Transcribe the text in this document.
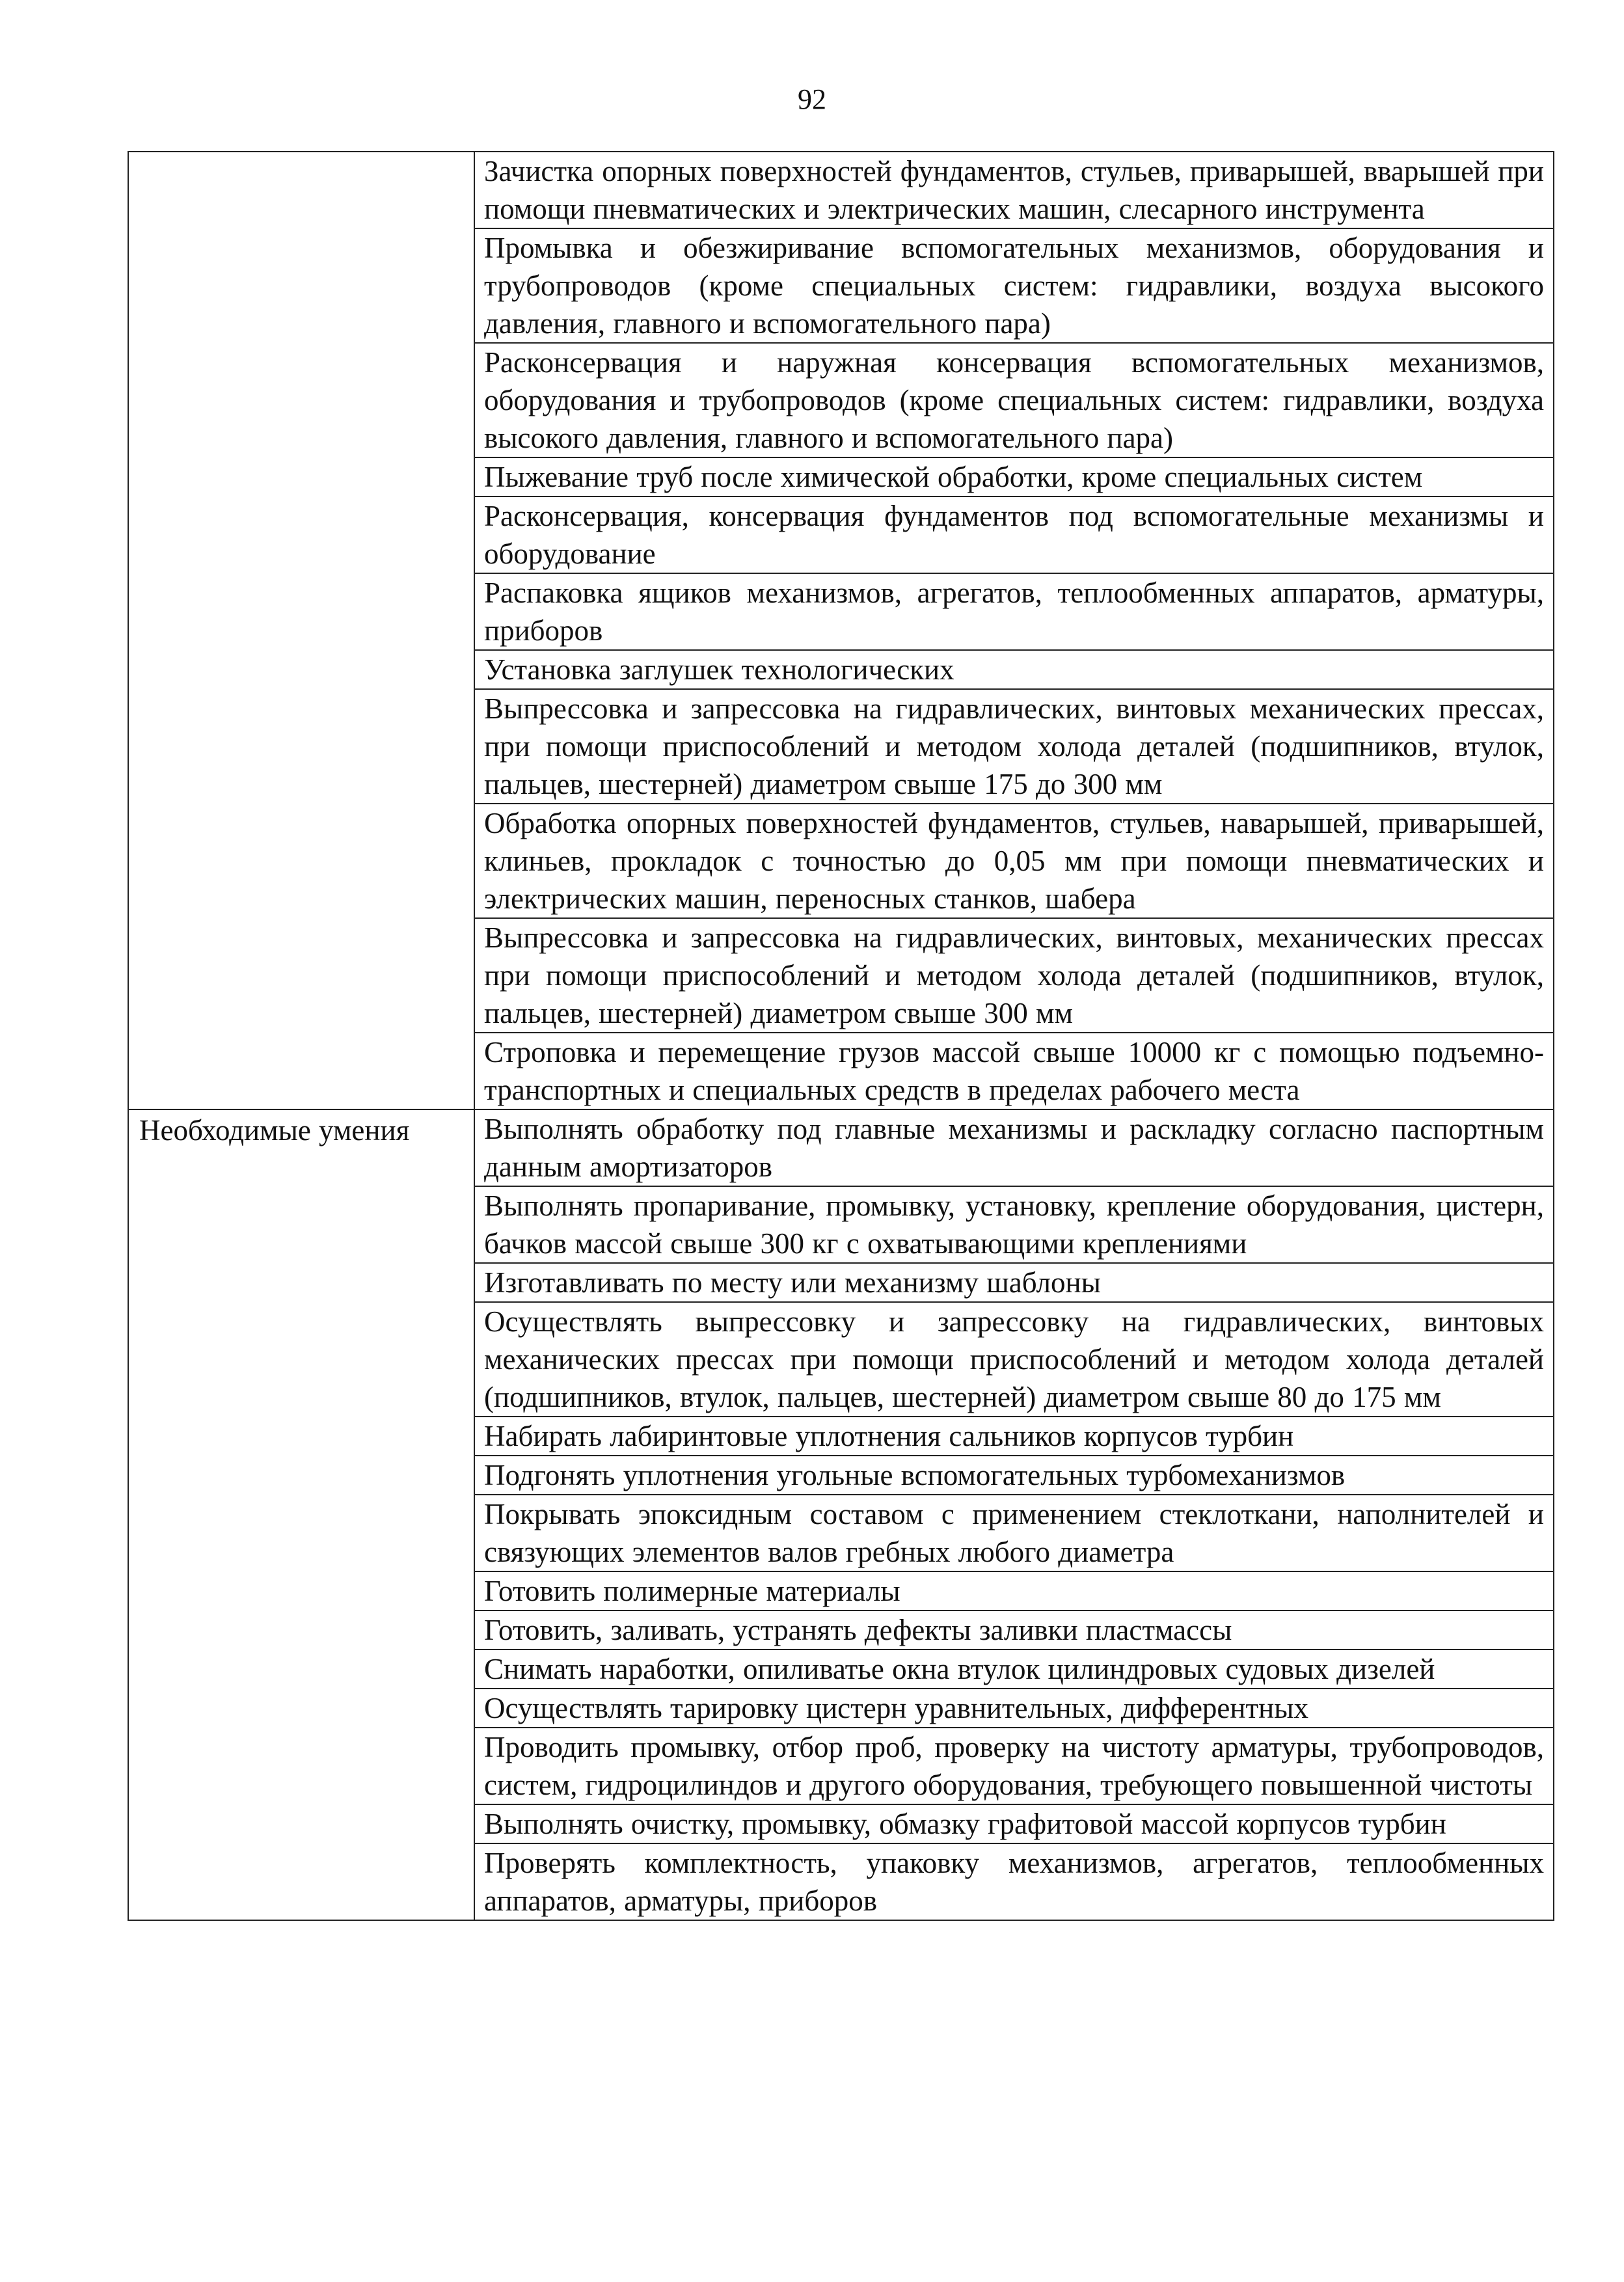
92
	Зачистка опорных поверхностей фундаментов, стульев, приварышей, вварышей при помощи пневматических и электрических машин, слесарного инструмента
	Промывка и обезжиривание вспомогательных механизмов, оборудования и трубопроводов (кроме специальных систем: гидравлики, воздуха высокого давления, главного и вспомогательного пара)
	Расконсервация и наружная консервация вспомогательных механизмов, оборудования и трубопроводов (кроме специальных систем: гидравлики, воздуха высокого давления, главного и вспомогательного пара)
	Пыжевание труб после химической обработки, кроме специальных систем
	Расконсервация, консервация фундаментов под вспомогательные механизмы и оборудование
	Распаковка ящиков механизмов, агрегатов, теплообменных аппаратов, арматуры, приборов
	Установка заглушек технологических
	Выпрессовка и запрессовка на гидравлических, винтовых механических прессах, при помощи приспособлений и методом холода деталей (подшипников, втулок, пальцев, шестерней) диаметром свыше 175 до 300 мм
	Обработка опорных поверхностей фундаментов, стульев, наварышей, приварышей, клиньев, прокладок с точностью до 0,05 мм при помощи пневматических и электрических машин, переносных станков, шабера
	Выпрессовка и запрессовка на гидравлических, винтовых, механических прессах при помощи приспособлений и методом холода деталей (подшипников, втулок, пальцев, шестерней) диаметром свыше 300 мм
	Строповка и перемещение грузов массой свыше 10000 кг с помощью подъемно-транспортных и специальных средств в пределах рабочего места
Необходимые умения	Выполнять обработку под главные механизмы и раскладку согласно паспортным данным амортизаторов
	Выполнять пропаривание, промывку, установку, крепление оборудования, цистерн, бачков массой свыше 300 кг с охватывающими креплениями
	Изготавливать по месту или механизму шаблоны
	Осуществлять выпрессовку и запрессовку на гидравлических, винтовых механических прессах при помощи приспособлений и методом холода деталей (подшипников, втулок, пальцев, шестерней) диаметром свыше 80 до 175 мм
	Набирать лабиринтовые уплотнения сальников корпусов турбин
	Подгонять уплотнения угольные вспомогательных турбомеханизмов
	Покрывать эпоксидным составом с применением стеклоткани, наполнителей и связующих элементов валов гребных любого диаметра
	Готовить полимерные материалы
	Готовить, заливать, устранять дефекты заливки пластмассы
	Снимать наработки, опиливатье окна втулок цилиндровых судовых дизелей
	Осуществлять тарировку цистерн уравнительных, дифферентных
	Проводить промывку, отбор проб, проверку на чистоту арматуры, трубопроводов, систем, гидроцилиндов и другого оборудования, требующего повышенной чистоты
	Выполнять очистку, промывку, обмазку графитовой массой корпусов турбин
	Проверять комплектность, упаковку механизмов, агрегатов, теплообменных аппаратов, арматуры, приборов
